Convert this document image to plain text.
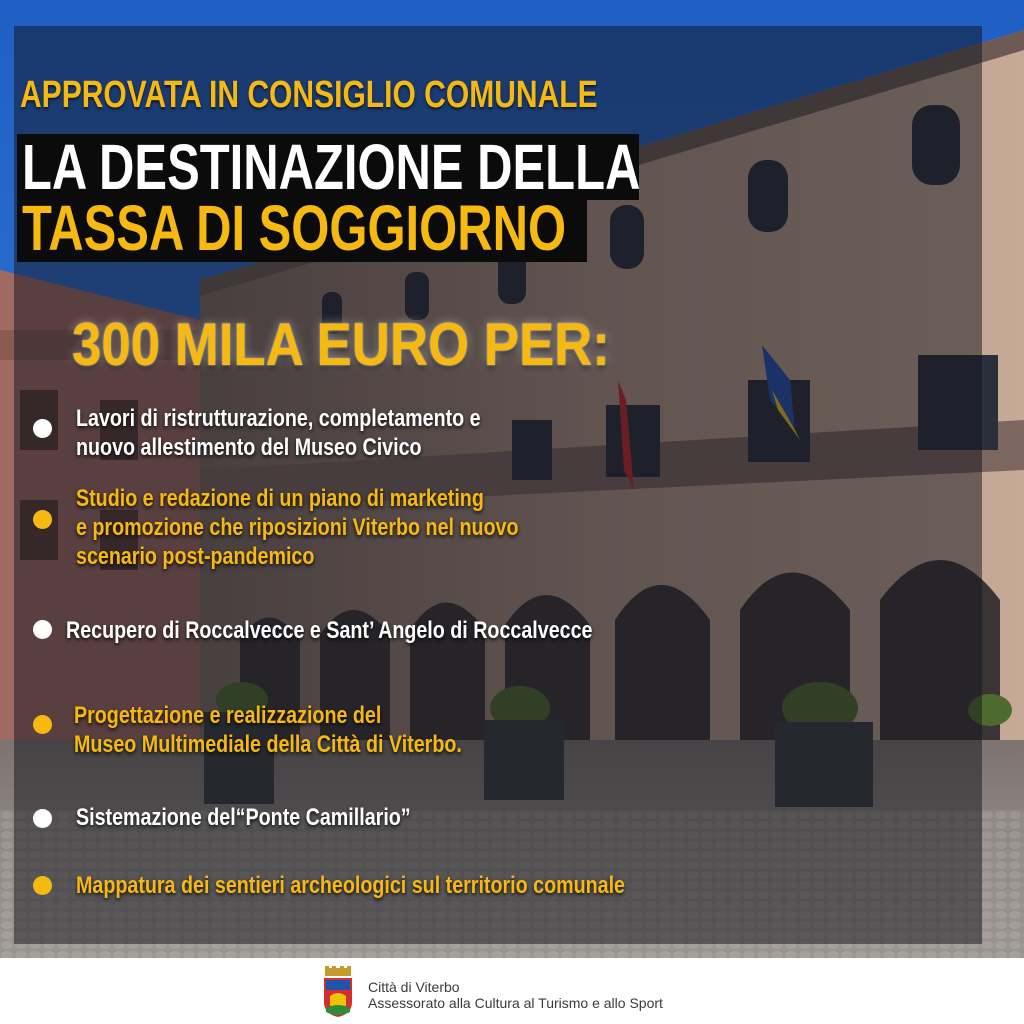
APPROVATA IN CONSIGLIO COMUNALE
LA DESTINAZIONE DELLA
TASSA DI SOGGIORNO
300 MILA EURO PER:
Lavori di ristrutturazione, completamento e
nuovo allestimento del Museo Civico
Studio e redazione di un piano di marketing
e promozione che riposizioni Viterbo nel nuovo
scenario post-pandemico
Recupero di Roccalvecce e Sant’ Angelo di Roccalvecce
Progettazione e realizzazione del
Museo Multimediale della Città di Viterbo.
Sistemazione del“Ponte Camillario”
Mappatura dei sentieri archeologici sul territorio comunale
Città di Viterbo
Assessorato alla Cultura al Turismo e allo Sport
